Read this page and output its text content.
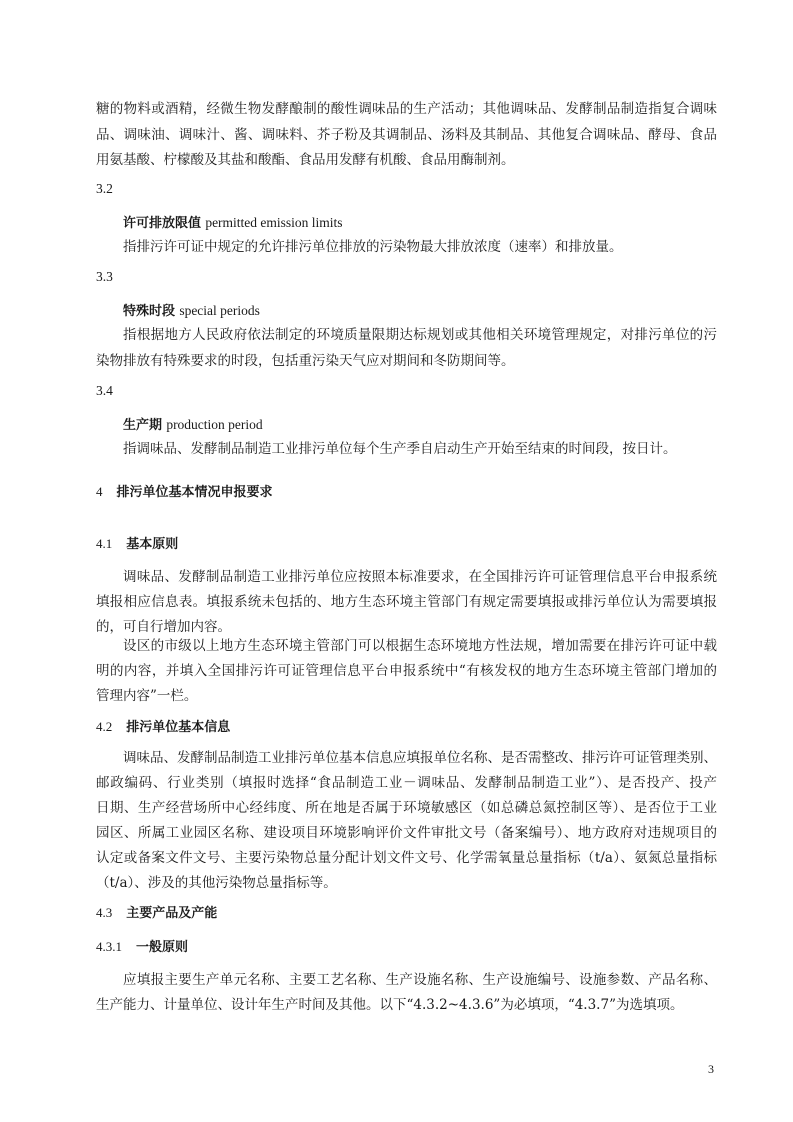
糖的物料或酒精，经微生物发酵酿制的酸性调味品的生产活动；其他调味品、发酵制品制造指复合调味
品、调味油、调味汁、酱、调味料、芥子粉及其调制品、汤料及其制品、其他复合调味品、酵母、食品
用氨基酸、柠檬酸及其盐和酸酯、食品用发酵有机酸、食品用酶制剂。
3.2
许可排放限值 permitted emission limits
指排污许可证中规定的允许排污单位排放的污染物最大排放浓度（速率）和排放量。
3.3
特殊时段 special periods
指根据地方人民政府依法制定的环境质量限期达标规划或其他相关环境管理规定，对排污单位的污
染物排放有特殊要求的时段，包括重污染天气应对期间和冬防期间等。
3.4
生产期 production period
指调味品、发酵制品制造工业排污单位每个生产季自启动生产开始至结束的时间段，按日计。
4 排污单位基本情况申报要求
4.1 基本原则
调味品、发酵制品制造工业排污单位应按照本标准要求，在全国排污许可证管理信息平台申报系统
填报相应信息表。填报系统未包括的、地方生态环境主管部门有规定需要填报或排污单位认为需要填报
的，可自行增加内容。
设区的市级以上地方生态环境主管部门可以根据生态环境地方性法规，增加需要在排污许可证中载
明的内容，并填入全国排污许可证管理信息平台申报系统中“有核发权的地方生态环境主管部门增加的
管理内容”一栏。
4.2 排污单位基本信息
调味品、发酵制品制造工业排污单位基本信息应填报单位名称、是否需整改、排污许可证管理类别、
邮政编码、行业类别（填报时选择“食品制造工业－调味品、发酵制品制造工业”）、是否投产、投产
日期、生产经营场所中心经纬度、所在地是否属于环境敏感区（如总磷总氮控制区等）、是否位于工业
园区、所属工业园区名称、建设项目环境影响评价文件审批文号（备案编号）、地方政府对违规项目的
认定或备案文件文号、主要污染物总量分配计划文件文号、化学需氧量总量指标（t/a）、氨氮总量指标
（t/a）、涉及的其他污染物总量指标等。
4.3 主要产品及产能
4.3.1 一般原则
应填报主要生产单元名称、主要工艺名称、生产设施名称、生产设施编号、设施参数、产品名称、
生产能力、计量单位、设计年生产时间及其他。以下“4.3.2~4.3.6”为必填项，“4.3.7”为选填项。
3
